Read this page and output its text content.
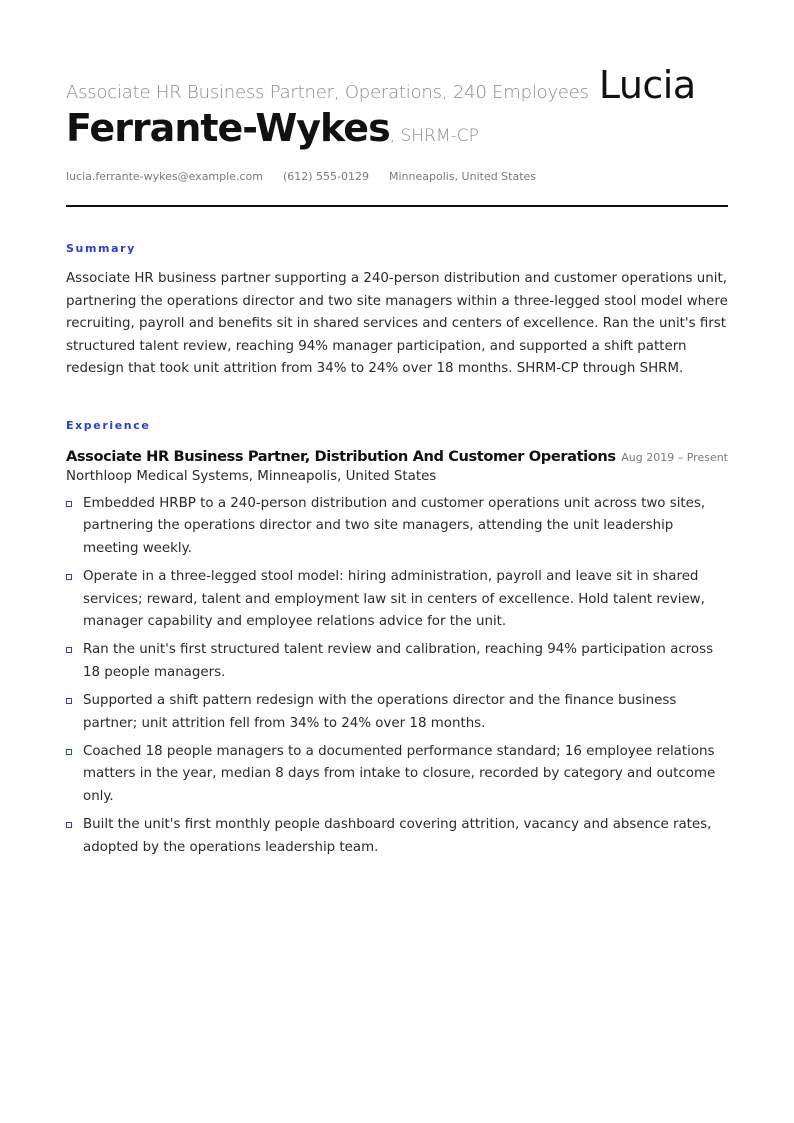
Associate HR Business Partner, Operations, 240 Employees Lucia
Ferrante-Wykes , SHRM-CP
lucia.ferrante-wykes@example.com (612) 555-0129 Minneapolis, United States
Summary

Associate HR business partner supporting a 240-person distribution and customer operations unit, partnering the operations director and two site managers within a three-legged stool model where recruiting, payroll and benefits sit in shared services and centers of excellence. Ran the unit's first structured talent review, reaching 94% manager participation, and supported a shift pattern redesign that took unit attrition from 34% to 24% over 18 months. SHRM-CP through SHRM.

Experience
Associate HR Business Partner, Distribution And Customer Operations Aug 2019 – Present
Northloop Medical Systems, Minneapolis, United States
Embedded HRBP to a 240-person distribution and customer operations unit across two sites, partnering the operations director and two site managers, attending the unit leadership meeting weekly.
Operate in a three-legged stool model: hiring administration, payroll and leave sit in shared services; reward, talent and employment law sit in centers of excellence. Hold talent review, manager capability and employee relations advice for the unit.
Ran the unit's first structured talent review and calibration, reaching 94% participation across 18 people managers.
Supported a shift pattern redesign with the operations director and the finance business partner; unit attrition fell from 34% to 24% over 18 months.
Coached 18 people managers to a documented performance standard; 16 employee relations matters in the year, median 8 days from intake to closure, recorded by category and outcome only.
Built the unit's first monthly people dashboard covering attrition, vacancy and absence rates, adopted by the operations leadership team.
